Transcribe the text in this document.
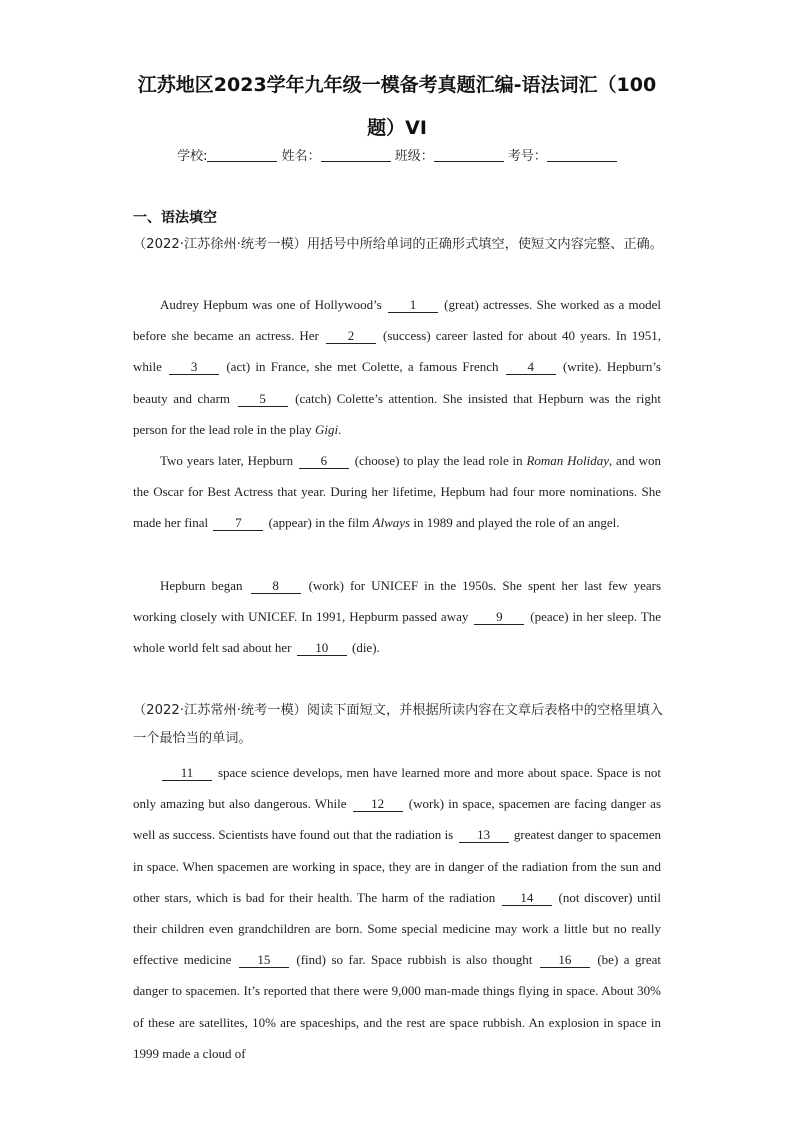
江苏地区2023学年九年级一模备考真题汇编-语法词汇（100
题）VI
学校:	姓名：	班级：	考号：
一、语法填空
（2022·江苏徐州·统考一模）用括号中所给单词的正确形式填空，使短文内容完整、正确。
Audrey Hepbum was one of Hollywood’s 1 (great) actresses. She worked as a model before she became an actress. Her 2 (success) career lasted for about 40 years. In 1951, while 3 (act) in France, she met Colette, a famous French 4 (write). Hepburn’s beauty and charm 5 (catch) Colette’s attention. She insisted that Hepburn was the right person for the lead role in the play Gigi.
Two years later, Hepburn 6 (choose) to play the lead role in Roman Holiday, and won the Oscar for Best Actress that year. During her lifetime, Hepbum had four more nominations. She made her final 7 (appear) in the film Always in 1989 and played the role of an angel.
Hepburn began 8 (work) for UNICEF in the 1950s. She spent her last few years working closely with UNICEF. In 1991, Hepburm passed away 9 (peace) in her sleep. The whole world felt sad about her 10 (die).
（2022·江苏常州·统考一模）阅读下面短文，并根据所读内容在文章后表格中的空格里填入一个最恰当的单词。
11 space science develops, men have learned more and more about space. Space is not only amazing but also dangerous. While 12 (work) in space, spacemen are facing danger as well as success. Scientists have found out that the radiation is 13 greatest danger to spacemen in space. When spacemen are working in space, they are in danger of the radiation from the sun and other stars, which is bad for their health. The harm of the radiation 14 (not discover) until their children even grandchildren are born. Some special medicine may work a little but no really effective medicine 15 (find) so far. Space rubbish is also thought 16 (be) a great danger to spacemen. It’s reported that there were 9,000 man-made things flying in space. About 30% of these are satellites, 10% are spaceships, and the rest are space rubbish. An explosion in space in 1999 made a cloud of
